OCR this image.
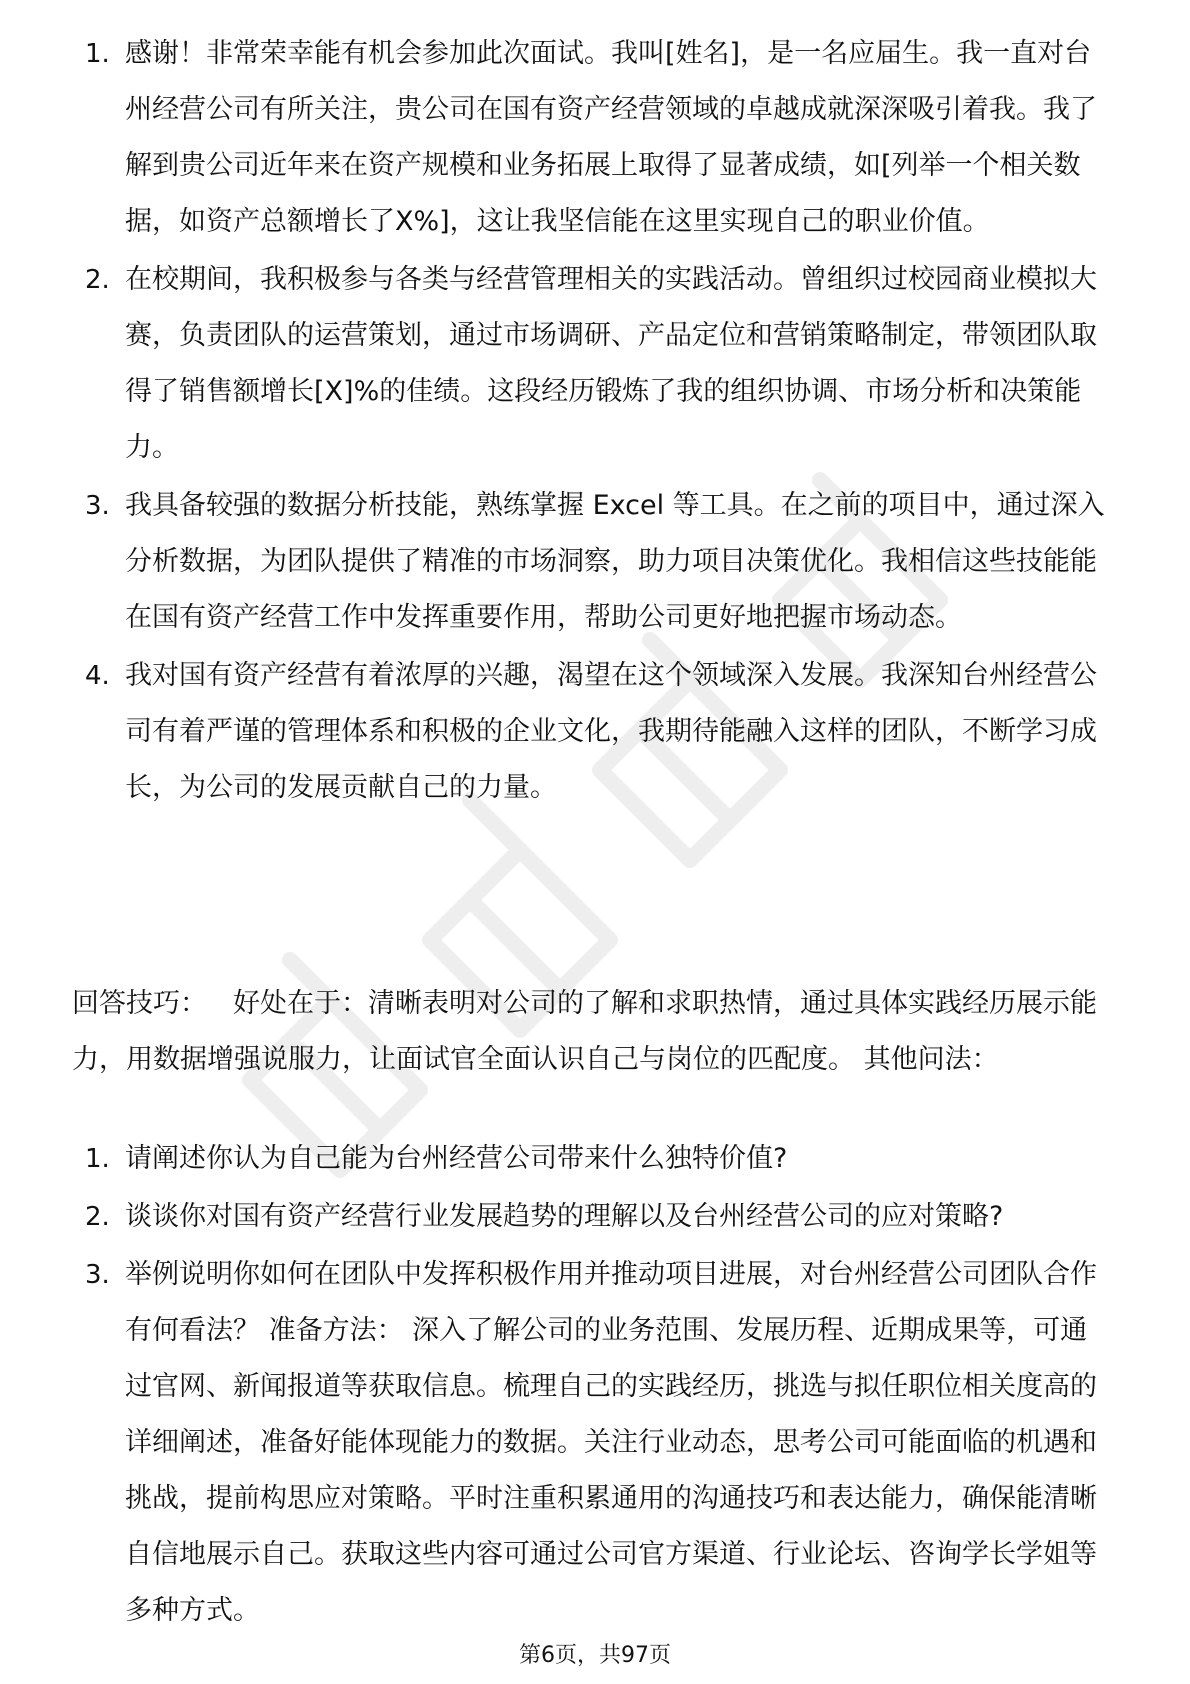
1. 感谢！非常荣幸能有机会参加此次面试。我叫[姓名]，是一名应届生。我一直对台州经营公司有所关注，贵公司在国有资产经营领域的卓越成就深深吸引着我。我了解到贵公司近年来在资产规模和业务拓展上取得了显著成绩，如[列举一个相关数据，如资产总额增长了X%]，这让我坚信能在这里实现自己的职业价值。
2. 在校期间，我积极参与各类与经营管理相关的实践活动。曾组织过校园商业模拟大赛，负责团队的运营策划，通过市场调研、产品定位和营销策略制定，带领团队取得了销售额增长[X]%的佳绩。这段经历锻炼了我的组织协调、市场分析和决策能力。
3. 我具备较强的数据分析技能，熟练掌握 Excel 等工具。在之前的项目中，通过深入分析数据，为团队提供了精准的市场洞察，助力项目决策优化。我相信这些技能能在国有资产经营工作中发挥重要作用，帮助公司更好地把握市场动态。
4. 我对国有资产经营有着浓厚的兴趣，渴望在这个领域深入发展。我深知台州经营公司有着严谨的管理体系和积极的企业文化，我期待能融入这样的团队，不断学习成长，为公司的发展贡献自己的力量。

回答技巧： 好处在于：清晰表明对公司的了解和求职热情，通过具体实践经历展示能力，用数据增强说服力，让面试官全面认识自己与岗位的匹配度。 其他问法：

1. 请阐述你认为自己能为台州经营公司带来什么独特价值?
2. 谈谈你对国有资产经营行业发展趋势的理解以及台州经营公司的应对策略?
3. 举例说明你如何在团队中发挥积极作用并推动项目进展，对台州经营公司团队合作有何看法？ 准备方法： 深入了解公司的业务范围、发展历程、近期成果等，可通过官网、新闻报道等获取信息。梳理自己的实践经历，挑选与拟任职位相关度高的详细阐述，准备好能体现能力的数据。关注行业动态，思考公司可能面临的机遇和挑战，提前构思应对策略。平时注重积累通用的沟通技巧和表达能力，确保能清晰自信地展示自己。获取这些内容可通过公司官方渠道、行业论坛、咨询学长学姐等多种方式。
第6页，共97页
